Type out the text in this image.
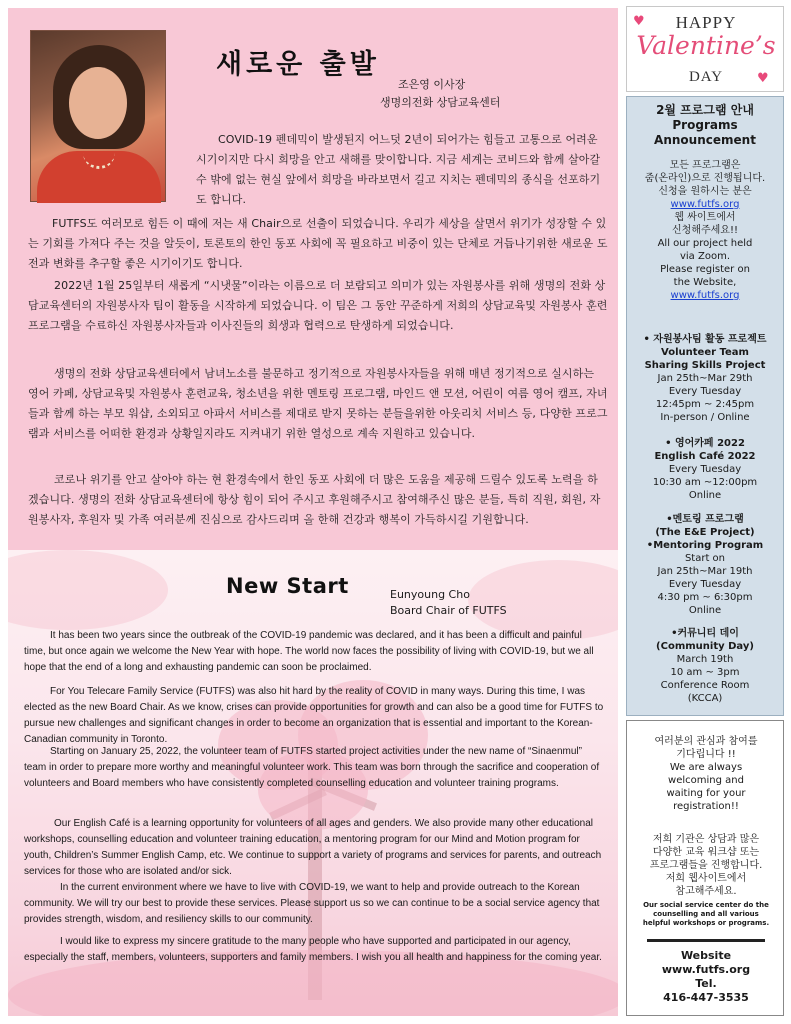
새로운 출발
조은영 이사장
생명의전화 상담교육센터

COVID-19 펜데믹이 발생된지 어느덧 2년이 되어가는 힘들고 고통으로 어려운 시기이지만 다시 희망을 안고 새해를 맞이합니다. 지금 세계는 코비드와 함께 살아갈 수 밖에 없는 현실 앞에서 희망을 바라보면서 길고 지치는 펜데믹의 종식을 선포하기도 합니다.

FUTFS도 여러모로 힘든 이 때에 저는 새 Chair으로 선출이 되었습니다. 우리가 세상을 살면서 위기가 성장할 수 있는 기회를 가져다 주는 것을 알듯이, 토론토의 한인 동포 사회에 꼭 필요하고 비중이 있는 단체로 거듭나기위한 새로운 도전과 변화를 추구할 좋은 시기이기도 합니다.

2022년 1월 25일부터 새롭게 “시냇물”이라는 이름으로 더 보람되고 의미가 있는 자원봉사를 위해 생명의 전화 상담교육센터의 자원봉사자 팀이 활동을 시작하게 되었습니다. 이 팀은 그 동안 꾸준하게 저희의 상담교육및 자원봉사 훈련 프로그램을 수료하신 자원봉사자들과 이사진들의 희생과 협력으로 탄생하게 되었습니다.

생명의 전화 상담교육센터에서 남녀노소를 불문하고 정기적으로 자원봉사자들을 위해 매년 정기적으로 실시하는 영어 카페, 상담교육및 자원봉사 훈련교육, 청소년을 위한 멘토링 프로그램, 마인드 앤 모션, 어린이 여름 영어 캠프, 자녀들과 함께 하는 부모 워샵, 소외되고 아파서 서비스를 제대로 받지 못하는 분들을위한 아웃리치 서비스 등, 다양한 프로그램과 서비스를 어떠한 환경과 상황일지라도 지켜내기 위한 열성으로 계속 지원하고 있습니다.

코로나 위기를 안고 살아야 하는 현 환경속에서 한인 동포 사회에 더 많은 도움을 제공해 드릴수 있도록 노력을 하겠습니다. 생명의 전화 상담교육센터에 항상 힘이 되어 주시고 후원해주시고 참여해주신 많은 분들, 특히 직원, 회원, 자원봉사자, 후원자 및 가족 여러분께 진심으로 감사드리며 올 한해 건강과 행복이 가득하시길 기원합니다.

New Start	Eunyoung Cho
Board Chair of FUTFS

It has been two years since the outbreak of the COVID-19 pandemic was declared, and it has been a difficult and painful time, but once again we welcome the New Year with hope. The world now faces the possibility of living with COVID-19, but we all hope that the end of a long and exhausting pandemic can soon be proclaimed.

For You Telecare Family Service (FUTFS) was also hit hard by the reality of COVID in many ways. During this time, I was elected as the new Board Chair. As we know, crises can provide opportunities for growth and can also be a good time for FUTFS to pursue new challenges and significant changes in order to become an organization that is essential and important to the Korean-Canadian community in Toronto.

Starting on January 25, 2022, the volunteer team of FUTFS started project activities under the new name of “Sinaenmul” team in order to prepare more worthy and meaningful volunteer work. This team was born through the sacrifice and cooperation of volunteers and Board members who have consistently completed counselling education and volunteer training programs.

Our English Café is a learning opportunity for volunteers of all ages and genders. We also provide many other educational workshops, counselling education and volunteer training education, a mentoring program for our Mind and Motion program for youth, Children’s Summer English Camp, etc. We continue to support a variety of programs and services for parents, and outreach services for those who are isolated and/or sick.

In the current environment where we have to live with COVID-19, we want to help and provide outreach to the Korean community. We will try our best to provide these services. Please support us so we can continue to be a social service agency that provides strength, wisdom, and resiliency skills to our community.

I would like to express my sincere gratitude to the many people who have supported and participated in our agency, especially the staff, members, volunteers, supporters and family members. I wish you all health and happiness for the coming year.

♥	HAPPY
Valentine’s
DAY	♥
2월 프로그램 안내
Programs Announcement
모든 프로그램은
줌(온라인)으로 진행됩니다.
신청을 원하시는 분은
www.futfs.org
웹 싸이트에서
신청해주세요!!
All our project held
via Zoom.
Please register on
the Website,
www.futfs.org
• 자원봉사팀 활동 프로젝트
Volunteer Team
Sharing Skills Project
Jan 25th~Mar 29th
Every Tuesday
12:45pm ~ 2:45pm
In-person / Online
• 영어카페 2022
English Café 2022
Every Tuesday
10:30 am ~12:00pm
Online
•멘토링 프로그램
(The E&E Project)
•Mentoring Program
Start on
Jan 25th~Mar 19th
Every Tuesday
4:30 pm ~ 6:30pm
Online
•커뮤니티 데이
(Community Day)
March 19th
10 am ~ 3pm
Conference Room
(KCCA)
여러분의 관심과 참여를
기다립니다 !!
We are always
welcoming and
waiting for your
registration!!
저희 기관은 상담과 많은
다양한 교육 워크샵 또는
프로그램들을 진행합니다.
저희 웹사이트에서
참고해주세요.
Our social service center do the
counselling and all various
helpful workshops or programs.
Website
www.futfs.org
Tel.
416-447-3535
